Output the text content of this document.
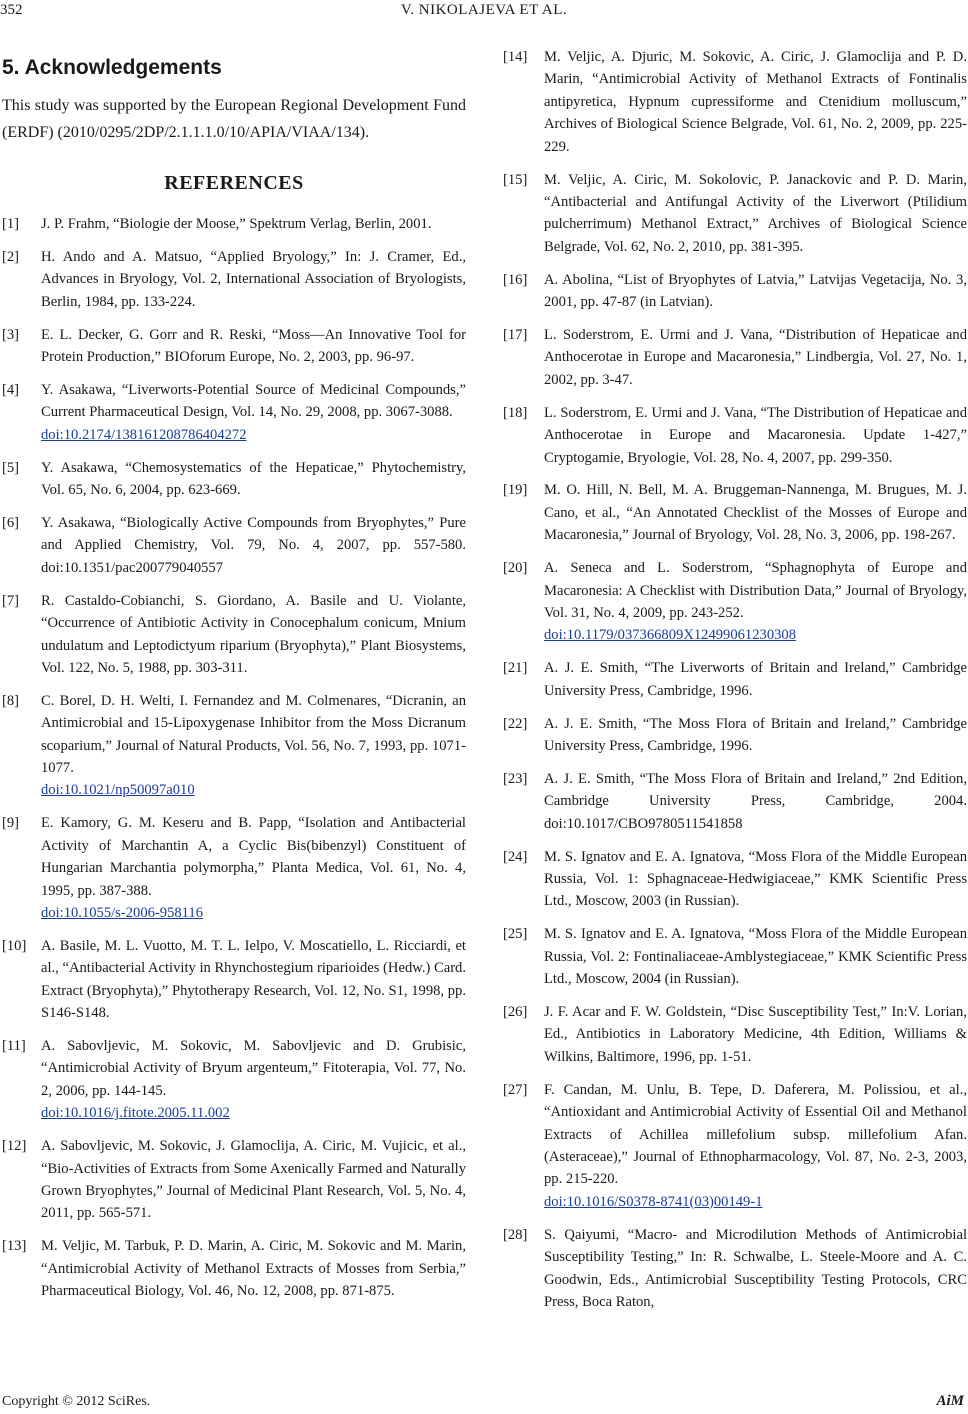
352	V. NIKOLAJEVA ET AL.
5. Acknowledgements

This study was supported by the European Regional Development Fund (ERDF) (2010/0295/2DP/2.1.1.1.0/10/APIA/VIAA/134).

REFERENCES
[1] J. P. Frahm, “Biologie der Moose,” Spektrum Verlag, Berlin, 2001.
[2] H. Ando and A. Matsuo, “Applied Bryology,” In: J. Cramer, Ed., Advances in Bryology, Vol. 2, International Association of Bryologists, Berlin, 1984, pp. 133-224.
[3] E. L. Decker, G. Gorr and R. Reski, “Moss—An Innovative Tool for Protein Production,” BIOforum Europe, No. 2, 2003, pp. 96-97.
[4] Y. Asakawa, “Liverworts-Potential Source of Medicinal Compounds,” Current Pharmaceutical Design, Vol. 14, No. 29, 2008, pp. 3067-3088.
doi:10.2174/138161208786404272
[5] Y. Asakawa, “Chemosystematics of the Hepaticae,” Phytochemistry, Vol. 65, No. 6, 2004, pp. 623-669.
[6] Y. Asakawa, “Biologically Active Compounds from Bryophytes,” Pure and Applied Chemistry, Vol. 79, No. 4, 2007, pp. 557-580. doi:10.1351/pac200779040557
[7] R. Castaldo-Cobianchi, S. Giordano, A. Basile and U. Violante, “Occurrence of Antibiotic Activity in Conocephalum conicum, Mnium undulatum and Leptodictyum riparium (Bryophyta),” Plant Biosystems, Vol. 122, No. 5, 1988, pp. 303-311.
[8] C. Borel, D. H. Welti, I. Fernandez and M. Colmenares, “Dicranin, an Antimicrobial and 15-Lipoxygenase Inhibitor from the Moss Dicranum scoparium,” Journal of Natural Products, Vol. 56, No. 7, 1993, pp. 1071-1077.
doi:10.1021/np50097a010
[9] E. Kamory, G. M. Keseru and B. Papp, “Isolation and Antibacterial Activity of Marchantin A, a Cyclic Bis(bibenzyl) Constituent of Hungarian Marchantia polymorpha,” Planta Medica, Vol. 61, No. 4, 1995, pp. 387-388.
doi:10.1055/s-2006-958116
[10] A. Basile, M. L. Vuotto, M. T. L. Ielpo, V. Moscatiello, L. Ricciardi, et al., “Antibacterial Activity in Rhynchostegium riparioides (Hedw.) Card. Extract (Bryophyta),” Phytotherapy Research, Vol. 12, No. S1, 1998, pp. S146-S148.
[11] A. Sabovljevic, M. Sokovic, M. Sabovljevic and D. Grubisic, “Antimicrobial Activity of Bryum argenteum,” Fitoterapia, Vol. 77, No. 2, 2006, pp. 144-145.
doi:10.1016/j.fitote.2005.11.002
[12] A. Sabovljevic, M. Sokovic, J. Glamoclija, A. Ciric, M. Vujicic, et al., “Bio-Activities of Extracts from Some Axenically Farmed and Naturally Grown Bryophytes,” Journal of Medicinal Plant Research, Vol. 5, No. 4, 2011, pp. 565-571.
[13] M. Veljic, M. Tarbuk, P. D. Marin, A. Ciric, M. Sokovic and M. Marin, “Antimicrobial Activity of Methanol Extracts of Mosses from Serbia,” Pharmaceutical Biology, Vol. 46, No. 12, 2008, pp. 871-875.
[14] M. Veljic, A. Djuric, M. Sokovic, A. Ciric, J. Glamoclija and P. D. Marin, “Antimicrobial Activity of Methanol Extracts of Fontinalis antipyretica, Hypnum cupressiforme and Ctenidium molluscum,” Archives of Biological Science Belgrade, Vol. 61, No. 2, 2009, pp. 225-229.
[15] M. Veljic, A. Ciric, M. Sokolovic, P. Janackovic and P. D. Marin, “Antibacterial and Antifungal Activity of the Liverwort (Ptilidium pulcherrimum) Methanol Extract,” Archives of Biological Science Belgrade, Vol. 62, No. 2, 2010, pp. 381-395.
[16] A. Abolina, “List of Bryophytes of Latvia,” Latvijas Vegetacija, No. 3, 2001, pp. 47-87 (in Latvian).
[17] L. Soderstrom, E. Urmi and J. Vana, “Distribution of Hepaticae and Anthocerotae in Europe and Macaronesia,” Lindbergia, Vol. 27, No. 1, 2002, pp. 3-47.
[18] L. Soderstrom, E. Urmi and J. Vana, “The Distribution of Hepaticae and Anthocerotae in Europe and Macaronesia. Update 1-427,” Cryptogamie, Bryologie, Vol. 28, No. 4, 2007, pp. 299-350.
[19] M. O. Hill, N. Bell, M. A. Bruggeman-Nannenga, M. Brugues, M. J. Cano, et al., “An Annotated Checklist of the Mosses of Europe and Macaronesia,” Journal of Bryology, Vol. 28, No. 3, 2006, pp. 198-267.
[20] A. Seneca and L. Soderstrom, “Sphagnophyta of Europe and Macaronesia: A Checklist with Distribution Data,” Journal of Bryology, Vol. 31, No. 4, 2009, pp. 243-252.
doi:10.1179/037366809X12499061230308
[21] A. J. E. Smith, “The Liverworts of Britain and Ireland,” Cambridge University Press, Cambridge, 1996.
[22] A. J. E. Smith, “The Moss Flora of Britain and Ireland,” Cambridge University Press, Cambridge, 1996.
[23] A. J. E. Smith, “The Moss Flora of Britain and Ireland,” 2nd Edition, Cambridge University Press, Cambridge, 2004. doi:10.1017/CBO9780511541858
[24] M. S. Ignatov and E. A. Ignatova, “Moss Flora of the Middle European Russia, Vol. 1: Sphagnaceae-Hedwigiaceae,” KMK Scientific Press Ltd., Moscow, 2003 (in Russian).
[25] M. S. Ignatov and E. A. Ignatova, “Moss Flora of the Middle European Russia, Vol. 2: Fontinaliaceae-Amblystegiaceae,” KMK Scientific Press Ltd., Moscow, 2004 (in Russian).
[26] J. F. Acar and F. W. Goldstein, “Disc Susceptibility Test,” In:V. Lorian, Ed., Antibiotics in Laboratory Medicine, 4th Edition, Williams & Wilkins, Baltimore, 1996, pp. 1-51.
[27] F. Candan, M. Unlu, B. Tepe, D. Daferera, M. Polissiou, et al., “Antioxidant and Antimicrobial Activity of Essential Oil and Methanol Extracts of Achillea millefolium subsp. millefolium Afan. (Asteraceae),” Journal of Ethnopharmacology, Vol. 87, No. 2-3, 2003, pp. 215-220.
doi:10.1016/S0378-8741(03)00149-1
[28] S. Qaiyumi, “Macro- and Microdilution Methods of Antimicrobial Susceptibility Testing,” In: R. Schwalbe, L. Steele-Moore and A. C. Goodwin, Eds., Antimicrobial Susceptibility Testing Protocols, CRC Press, Boca Raton,
Copyright © 2012 SciRes.	AiM
